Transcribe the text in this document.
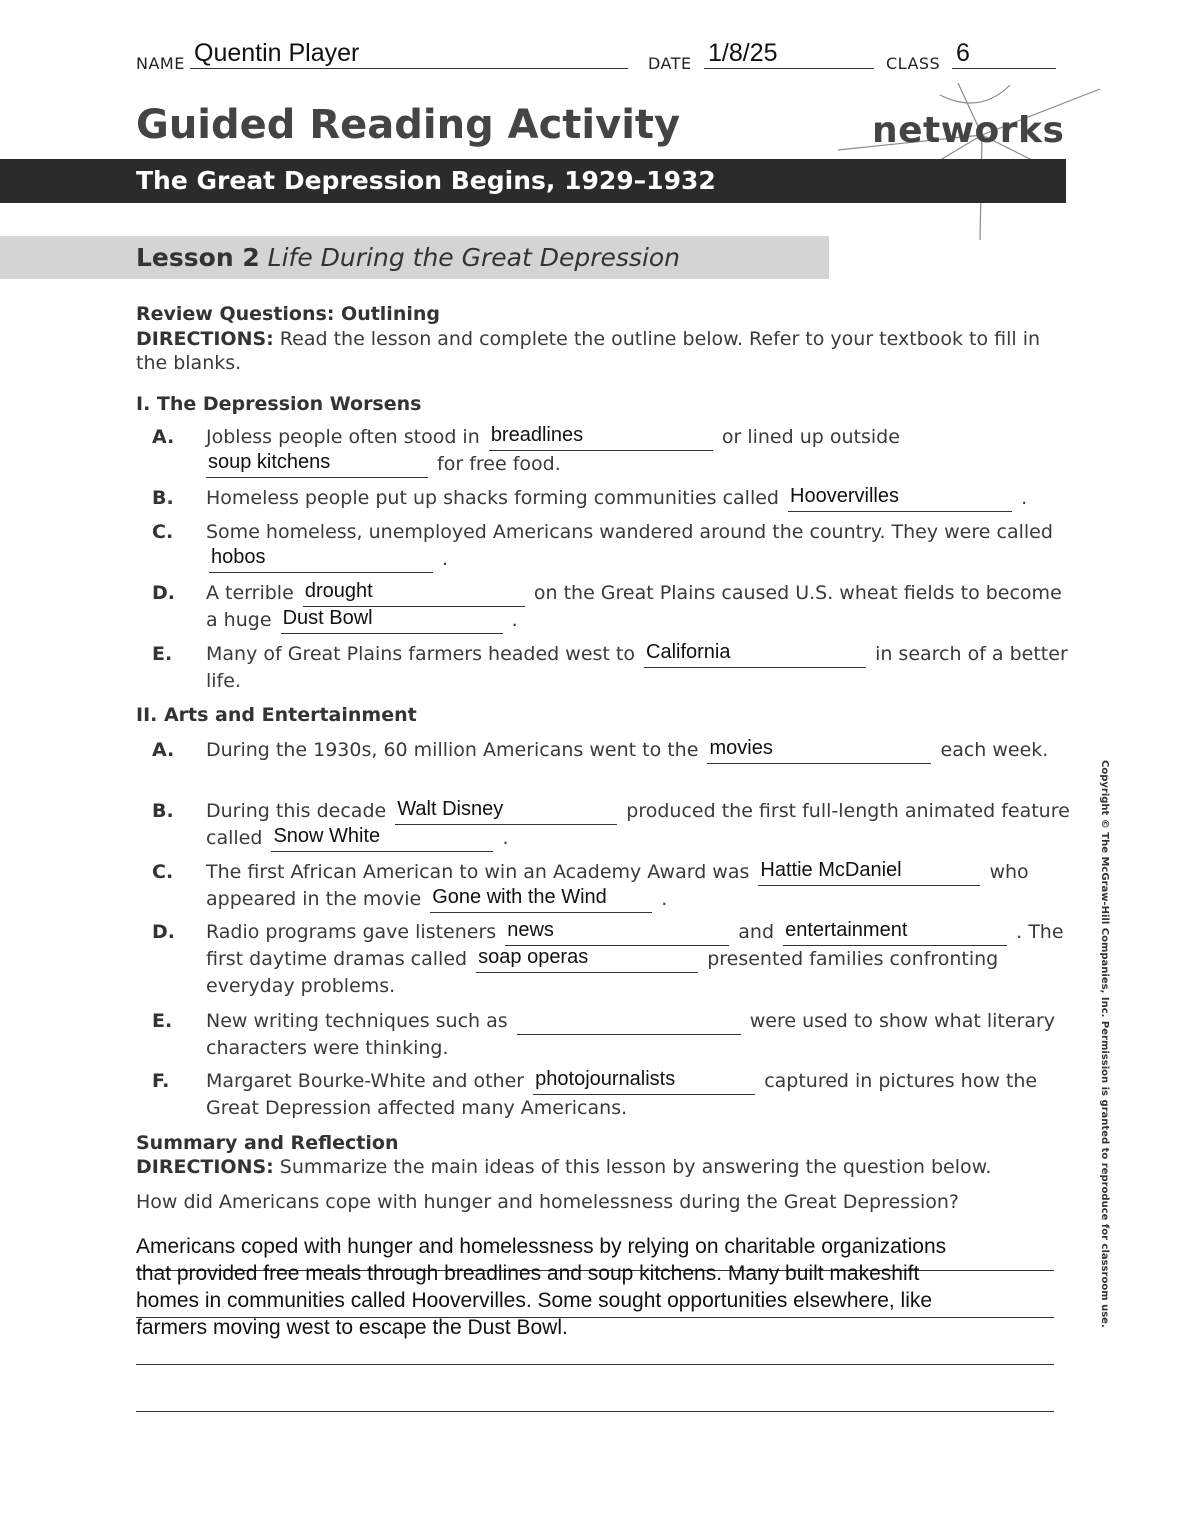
NAME Quentin Player	DATE 1/8/25	CLASS 6
Guided Reading Activity	networks
The Great Depression Begins, 1929–1932
Lesson 2 Life During the Great Depression
Review Questions: Outlining
DIRECTIONS: Read the lesson and complete the outline below. Refer to your textbook to fill in the blanks.
I. The Depression Worsens
A. Jobless people often stood in breadlines	or lined up outside

soup kitchens	for free food.
B. Homeless people put up shacks forming communities called Hoovervilles	.
C. Some homeless, unemployed Americans wandered around the country. They were called
hobos	.
D. A terrible drought	on the Great Plains caused U.S. wheat fields to become a huge Dust Bowl	.
E. Many of Great Plains farmers headed west to California	in search of a better life.
II. Arts and Entertainment
A. During the 1930s, 60 million Americans went to the movies	each week.
B. During this decade Walt Disney	produced the first full-length animated feature called Snow White	.
C. The first African American to win an Academy Award was Hattie McDaniel	who appeared in the movie Gone with the Wind	.
D. Radio programs gave listeners news	and entertainment	. The first daytime dramas called soap operas	presented families confronting everyday problems.
E. New writing techniques such as	were used to show what literary characters were thinking.
F. Margaret Bourke-White and other photojournalists	captured in pictures how the Great Depression affected many Americans.
Summary and Reflection
DIRECTIONS: Summarize the main ideas of this lesson by answering the question below.
How did Americans cope with hunger and homelessness during the Great Depression?
Americans coped with hunger and homelessness by relying on charitable organizations
that provided free meals through breadlines and soup kitchens. Many built makeshift
homes in communities called Hoovervilles. Some sought opportunities elsewhere, like
farmers moving west to escape the Dust Bowl.	Copyright © The McGraw-Hill Companies, Inc. Permission is granted to reproduce for classroom use.
